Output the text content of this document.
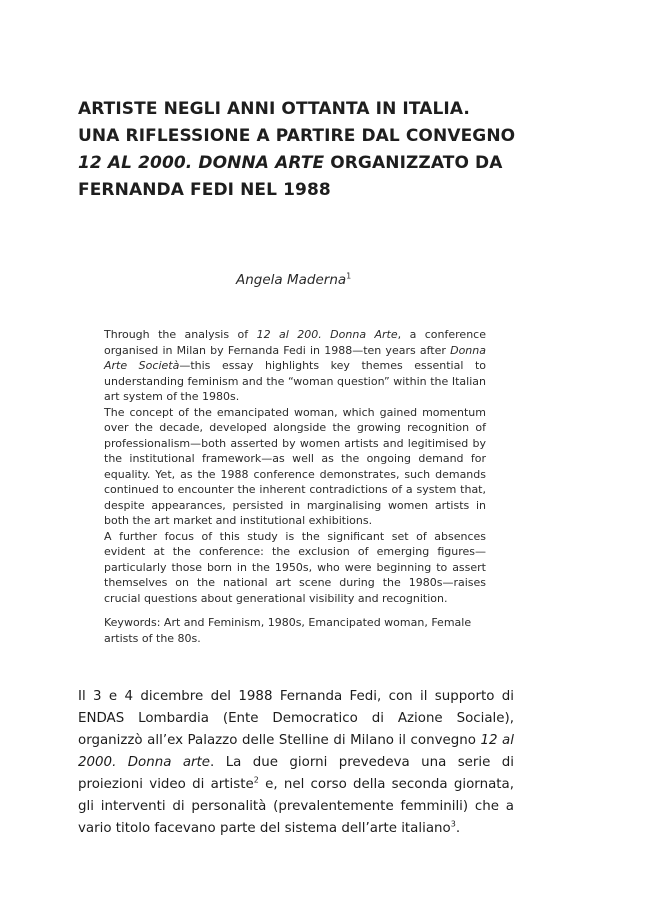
ARTISTE NEGLI ANNI OTTANTA IN ITALIA.
UNA RIFLESSIONE A PARTIRE DAL CONVEGNO
12 AL 2000. DONNA ARTE ORGANIZZATO DA
FERNANDA FEDI NEL 1988
Angela Maderna$^1$

Through the analysis of 12 al 200. Donna Arte, a conference organised in Milan by Fernanda Fedi in 1988—ten years after Donna Arte Società—this essay highlights key themes essential to understanding feminism and the “woman question” within the Italian art system of the 1980s.

The concept of the emancipated woman, which gained momentum over the decade, developed alongside the growing recognition of professionalism—both asserted by women artists and legitimised by the institutional framework—as well as the ongoing demand for equality. Yet, as the 1988 conference demonstrates, such demands continued to encounter the inherent contradictions of a system that, despite appearances, persisted in marginalising women artists in both the art market and institutional exhibitions.

A further focus of this study is the significant set of absences evident at the conference: the exclusion of emerging figures—particularly those born in the 1950s, who were beginning to assert themselves on the national art scene during the 1980s—raises crucial questions about generational visibility and recognition.

Keywords: Art and Feminism, 1980s, Emancipated woman, Female artists of the 80s.

Il 3 e 4 dicembre del 1988 Fernanda Fedi, con il supporto di ENDAS Lombardia (Ente Democratico di Azione Sociale), organizzò all’ex Palazzo delle Stelline di Milano il convegno 12 al 2000. Donna arte. La due giorni prevedeva una serie di proiezioni video di artiste$^2$ e, nel corso della seconda giornata, gli interventi di personalità (prevalentemente femminili) che a vario titolo facevano parte del sistema dell’arte italiano$^3$.
